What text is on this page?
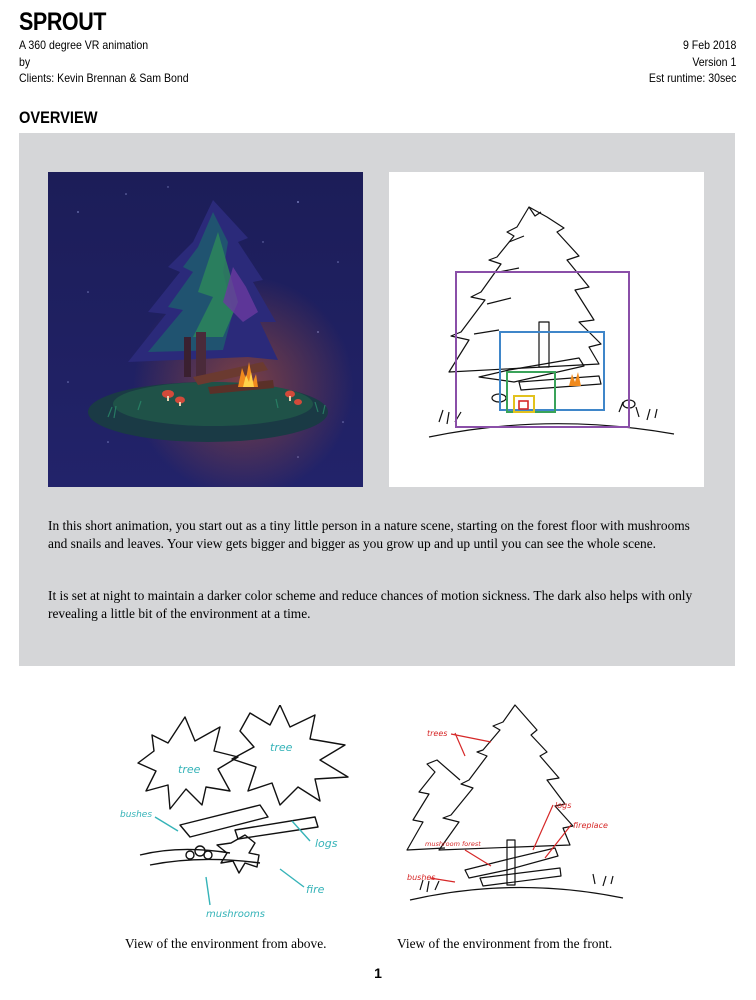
SPROUT
A 360 degree VR animation
by
Clients: Kevin Brennan & Sam Bond
9 Feb 2018
Version 1
Est runtime: 30sec
OVERVIEW
In this short animation, you start out as a tiny little person in a nature scene, starting on the forest floor with mushrooms and snails and leaves. Your view gets bigger and bigger as you grow up and up until you can see the whole scene.
It is set at night to maintain a darker color scheme and reduce chances of motion sickness. The dark also helps with only revealing a little bit of the environment at a time.
tree
tree
bushes
logs
fire
mushrooms
trees
logs
fireplace
mushroom forest
bushes
View of the environment from above.	View of the environment from the front.
1
